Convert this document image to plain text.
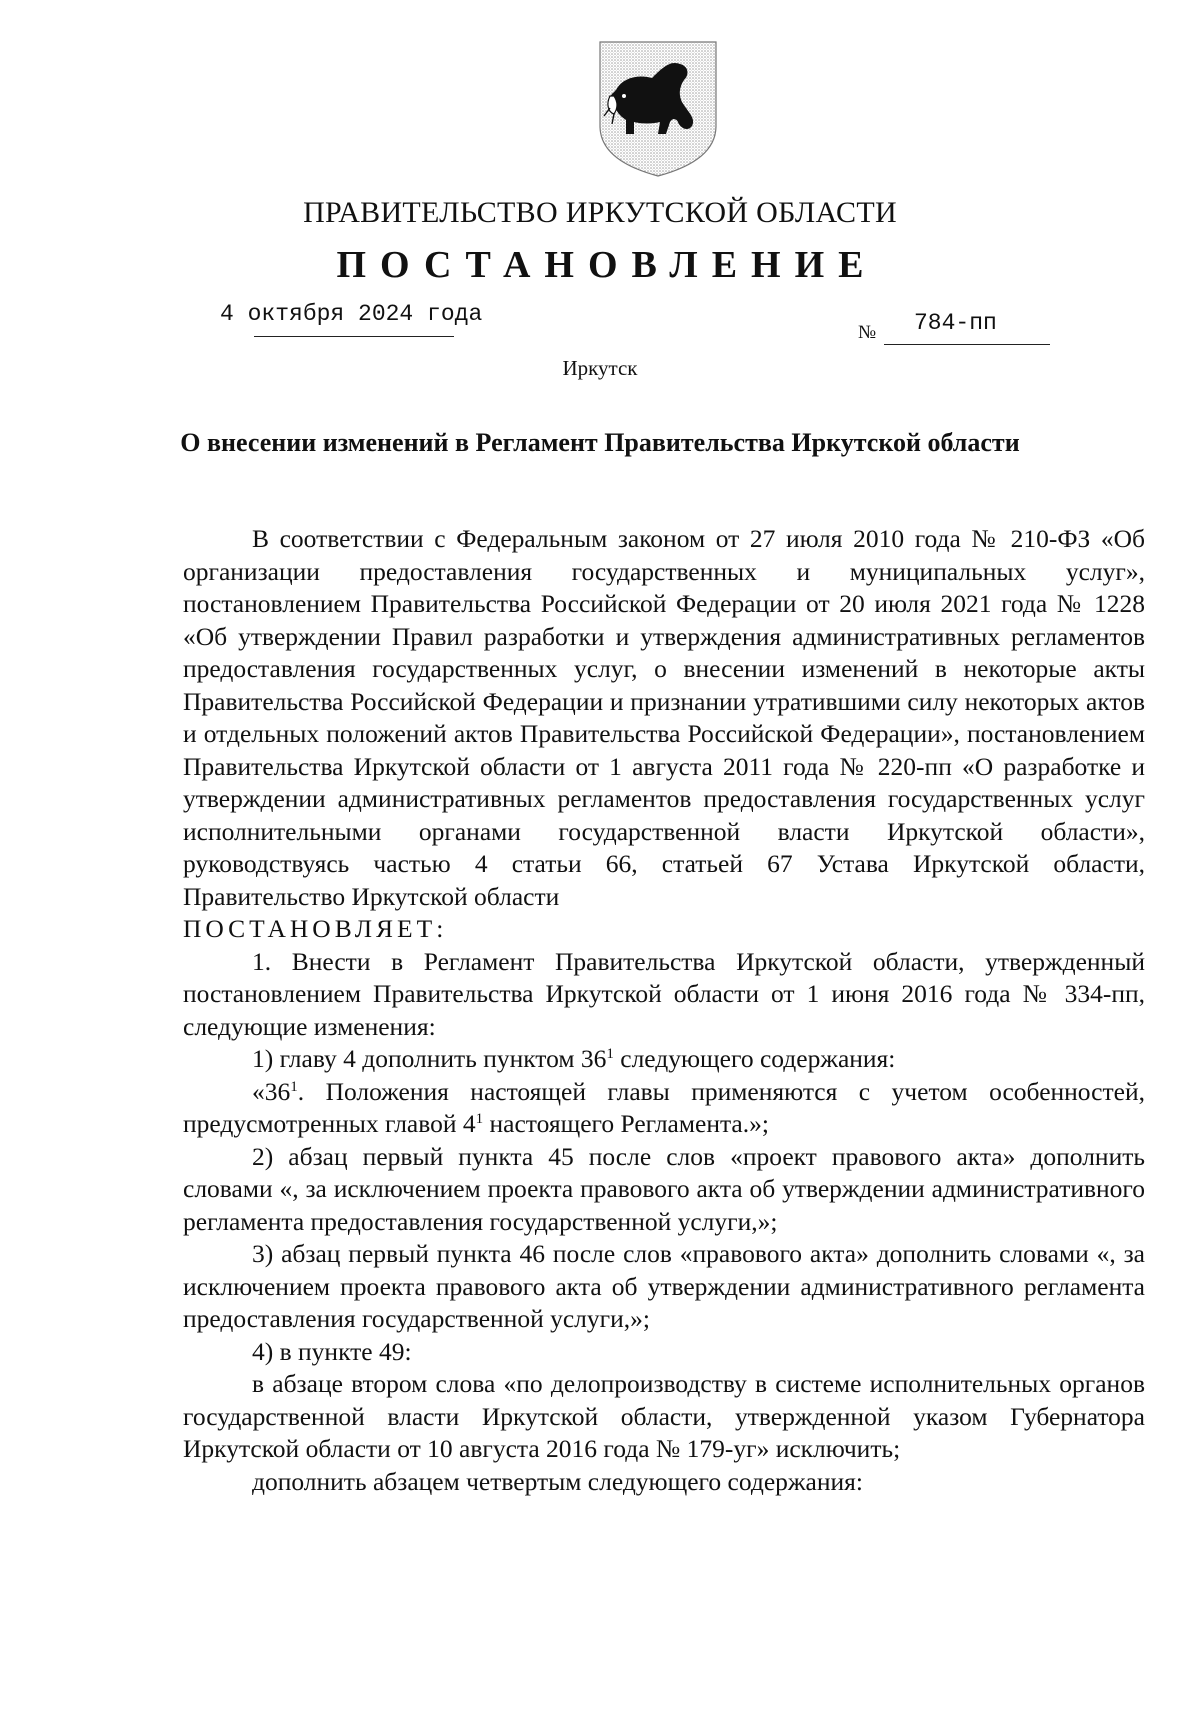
ПРАВИТЕЛЬСТВО ИРКУТСКОЙ ОБЛАСТИ
ПОСТАНОВЛЕНИЕ
4 октября 2024 года
№ 784-пп
Иркутск
О внесении изменений в Регламент Правительства Иркутской области

В соответствии с Федеральным законом от 27 июля 2010 года № 210-ФЗ «Об организации предоставления государственных и муниципальных услуг», постановлением Правительства Российской Федерации от 20 июля 2021 года № 1228 «Об утверждении Правил разработки и утверждения административных регламентов предоставления государственных услуг, о внесении изменений в некоторые акты Правительства Российской Федерации и признании утратившими силу некоторых актов и отдельных положений актов Правительства Российской Федерации», постановлением Правительства Иркутской области от 1 августа 2011 года № 220-пп «О разработке и утверждении административных регламентов предоставления государственных услуг исполнительными органами государственной власти Иркутской области», руководствуясь частью 4 статьи 66, статьей 67 Устава Иркутской области, Правительство Иркутской области

ПОСТАНОВЛЯЕТ:

1. Внести в Регламент Правительства Иркутской области, утвержденный постановлением Правительства Иркутской области от 1 июня 2016 года № 334-пп, следующие изменения:

1) главу 4 дополнить пунктом $36^1$ следующего содержания:

«$36^1$. Положения настоящей главы применяются с учетом особенностей, предусмотренных главой $4^1$ настоящего Регламента.»;

2) абзац первый пункта 45 после слов «проект правового акта» дополнить словами «, за исключением проекта правового акта об утверждении административного регламента предоставления государственной услуги,»;

3) абзац первый пункта 46 после слов «правового акта» дополнить словами «, за исключением проекта правового акта об утверждении административного регламента предоставления государственной услуги,»;

4) в пункте 49:

в абзаце втором слова «по делопроизводству в системе исполнительных органов государственной власти Иркутской области, утвержденной указом Губернатора Иркутской области от 10 августа 2016 года № 179-уг» исключить;

дополнить абзацем четвертым следующего содержания:
